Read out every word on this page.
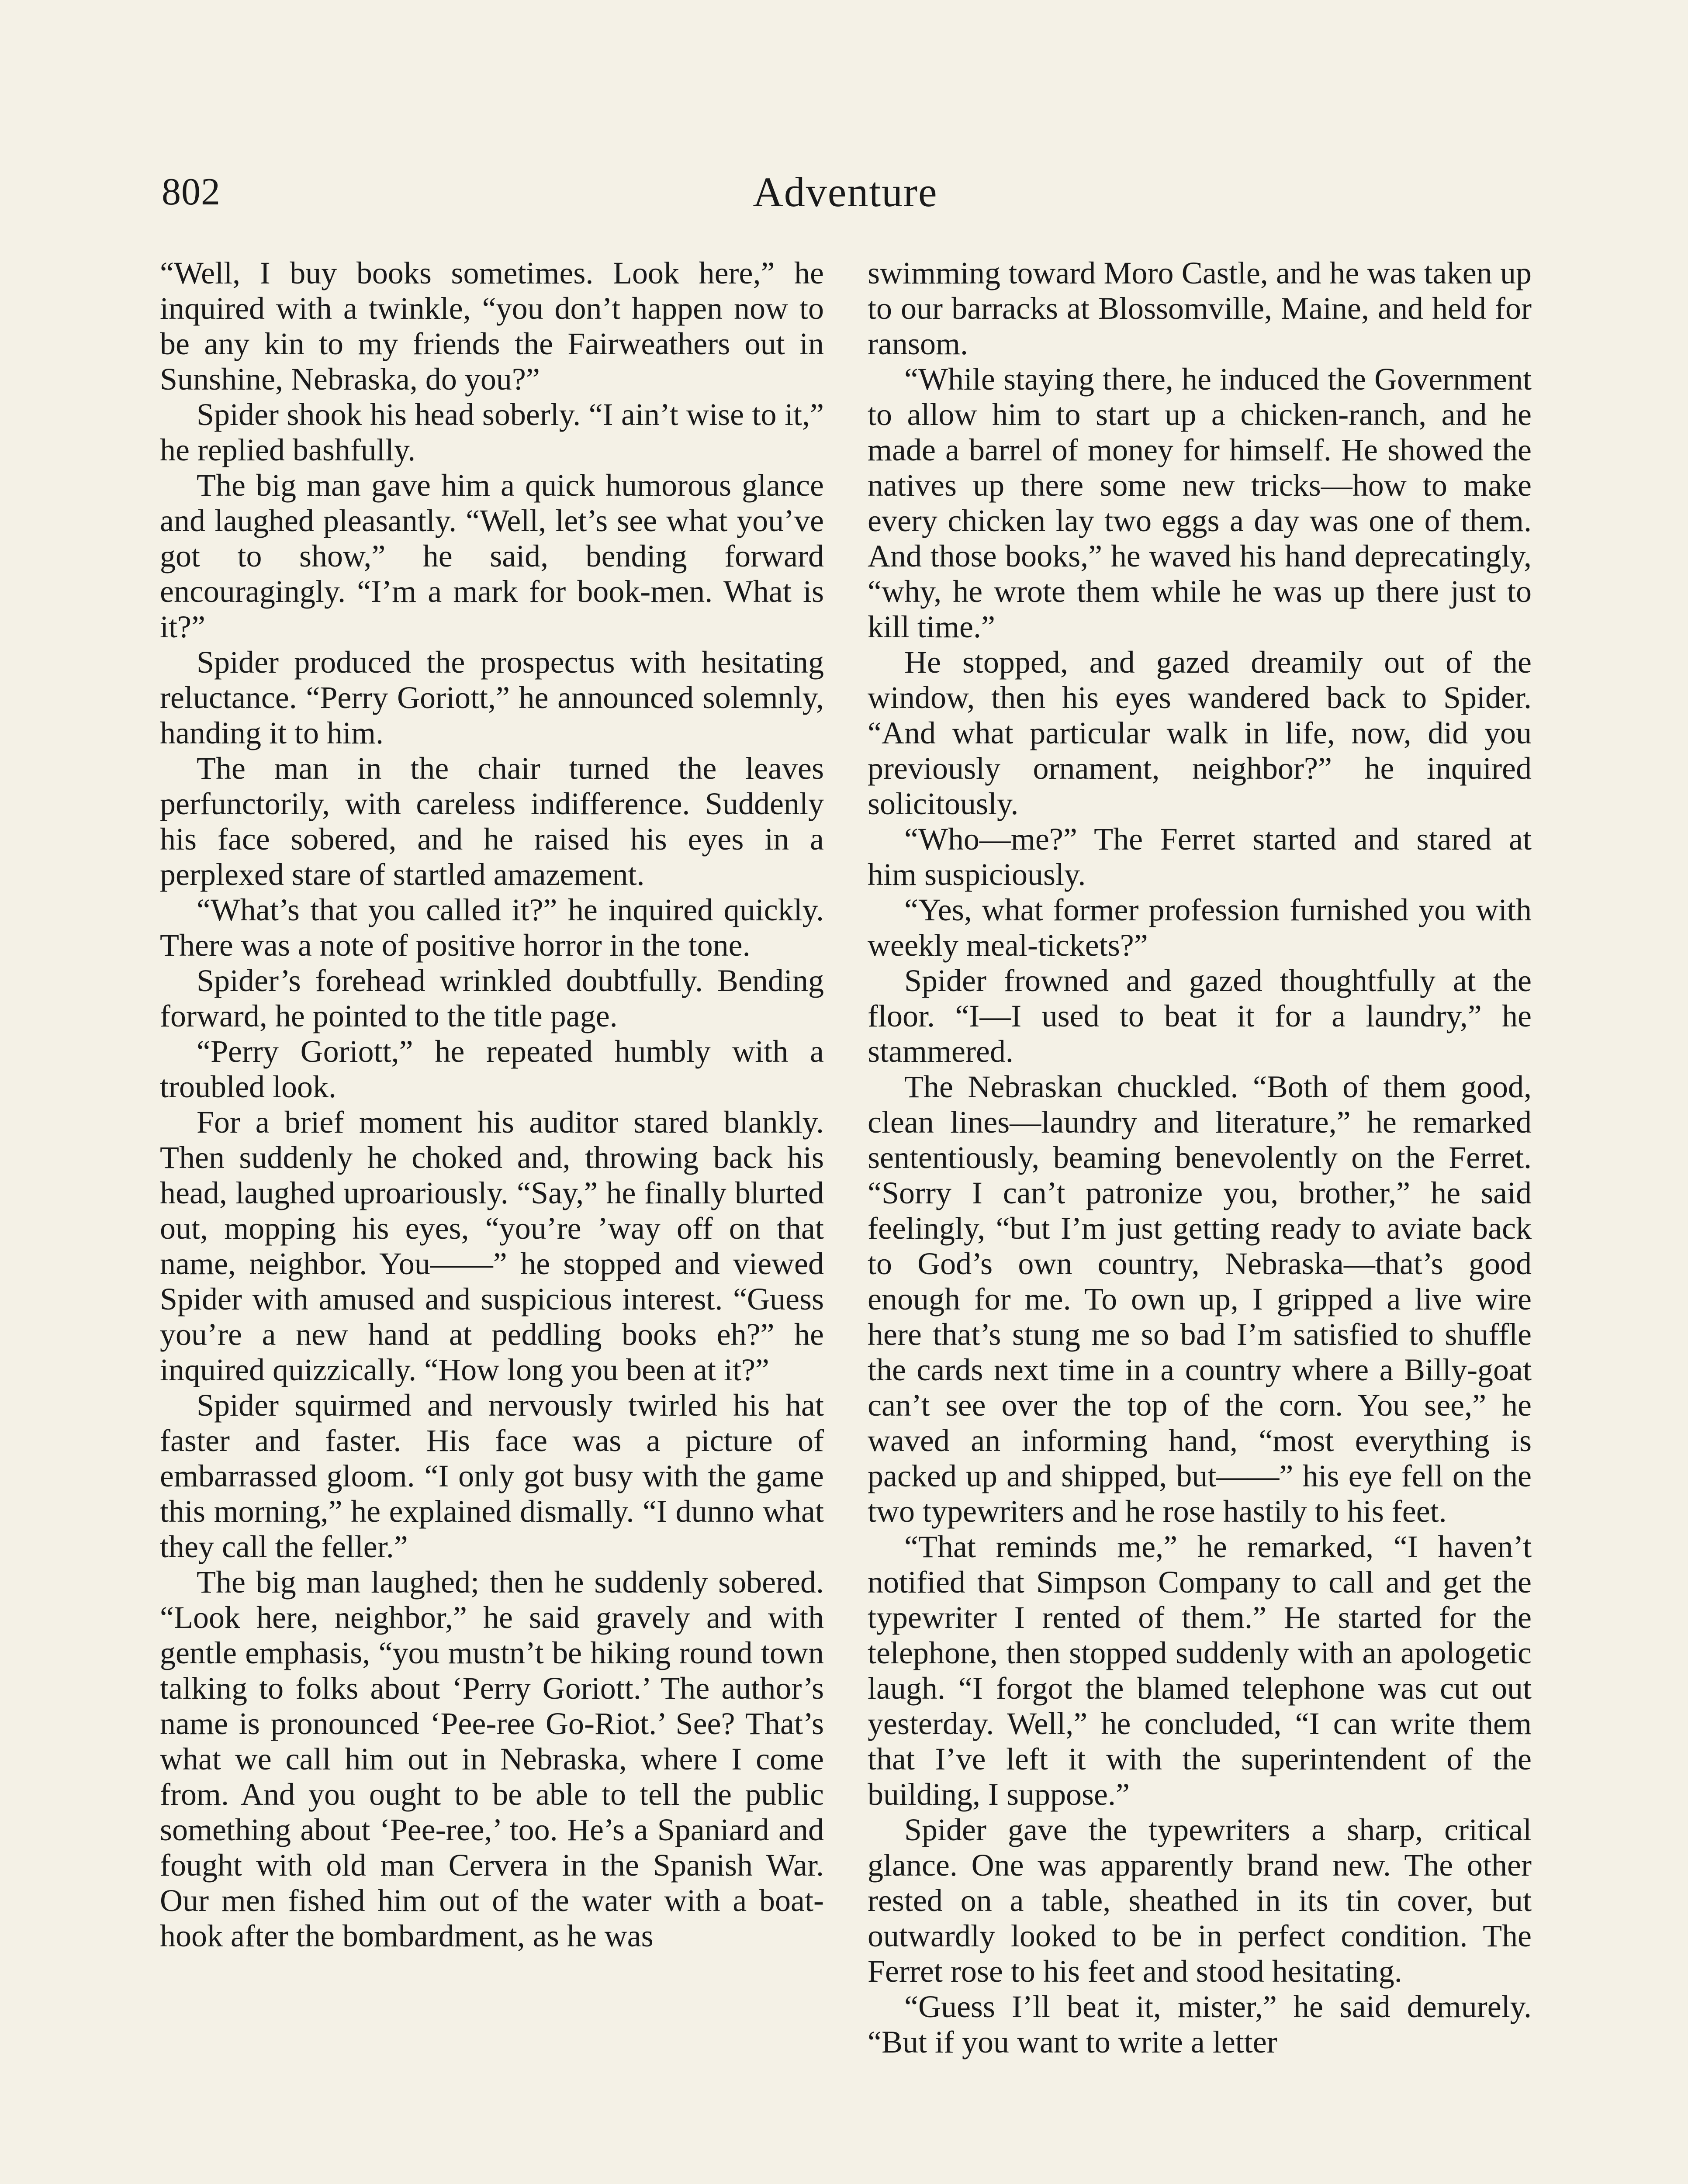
802	Adventure

“Well, I buy books sometimes. Look here,” he inquired with a twinkle, “you don’t happen now to be any kin to my friends the Fairweathers out in Sunshine, Nebraska, do you?”

Spider shook his head soberly. “I ain’t wise to it,” he replied bashfully.

The big man gave him a quick humorous glance and laughed pleasantly. “Well, let’s see what you’ve got to show,” he said, bending forward encouragingly. “I’m a mark for book-men. What is it?”

Spider produced the prospectus with hesitating reluctance. “Perry Goriott,” he announced solemnly, handing it to him.

The man in the chair turned the leaves perfunctorily, with careless indifference. Suddenly his face sobered, and he raised his eyes in a perplexed stare of startled amazement.

“What’s that you called it?” he inquired quickly. There was a note of positive horror in the tone.

Spider’s forehead wrinkled doubtfully. Bending forward, he pointed to the title page.

“Perry Goriott,” he repeated humbly with a troubled look.

For a brief moment his auditor stared blankly. Then suddenly he choked and, throwing back his head, laughed uproariously. “Say,” he finally blurted out, mopping his eyes, “you’re ’way off on that name, neighbor. You——” he stopped and viewed Spider with amused and suspicious interest. “Guess you’re a new hand at peddling books eh?” he inquired quizzically. “How long you been at it?”

Spider squirmed and nervously twirled his hat faster and faster. His face was a picture of embarrassed gloom. “I only got busy with the game this morning,” he explained dismally. “I dunno what they call the feller.”

The big man laughed; then he suddenly sobered. “Look here, neighbor,” he said gravely and with gentle emphasis, “you mustn’t be hiking round town talking to folks about ‘Perry Goriott.’ The author’s name is pronounced ‘Pee-ree Go-Riot.’ See? That’s what we call him out in Nebraska, where I come from. And you ought to be able to tell the public something about ‘Pee-ree,’ too. He’s a Spaniard and fought with old man Cervera in the Spanish War. Our men fished him out of the water with a boat-hook after the bombardment, as he was

swimming toward Moro Castle, and he was taken up to our barracks at Blossomville, Maine, and held for ransom.

“While staying there, he induced the Government to allow him to start up a chicken-ranch, and he made a barrel of money for himself. He showed the natives up there some new tricks—how to make every chicken lay two eggs a day was one of them. And those books,” he waved his hand deprecatingly, “why, he wrote them while he was up there just to kill time.”

He stopped, and gazed dreamily out of the window, then his eyes wandered back to Spider. “And what particular walk in life, now, did you previously ornament, neighbor?” he inquired solicitously.

“Who—me?” The Ferret started and stared at him suspiciously.

“Yes, what former profession furnished you with weekly meal-tickets?”

Spider frowned and gazed thoughtfully at the floor. “I—I used to beat it for a laundry,” he stammered.

The Nebraskan chuckled. “Both of them good, clean lines—laundry and literature,” he remarked sententiously, beaming benevolently on the Ferret. “Sorry I can’t patronize you, brother,” he said feelingly, “but I’m just getting ready to aviate back to God’s own country, Nebraska—that’s good enough for me. To own up, I gripped a live wire here that’s stung me so bad I’m satisfied to shuffle the cards next time in a country where a Billy-goat can’t see over the top of the corn. You see,” he waved an informing hand, “most everything is packed up and shipped, but——” his eye fell on the two typewriters and he rose hastily to his feet.

“That reminds me,” he remarked, “I haven’t notified that Simpson Company to call and get the typewriter I rented of them.” He started for the telephone, then stopped suddenly with an apologetic laugh. “I forgot the blamed telephone was cut out yesterday. Well,” he concluded, “I can write them that I’ve left it with the superintendent of the building, I suppose.”

Spider gave the typewriters a sharp, critical glance. One was apparently brand new. The other rested on a table, sheathed in its tin cover, but outwardly looked to be in perfect condition. The Ferret rose to his feet and stood hesitating.

“Guess I’ll beat it, mister,” he said demurely. “But if you want to write a letter
